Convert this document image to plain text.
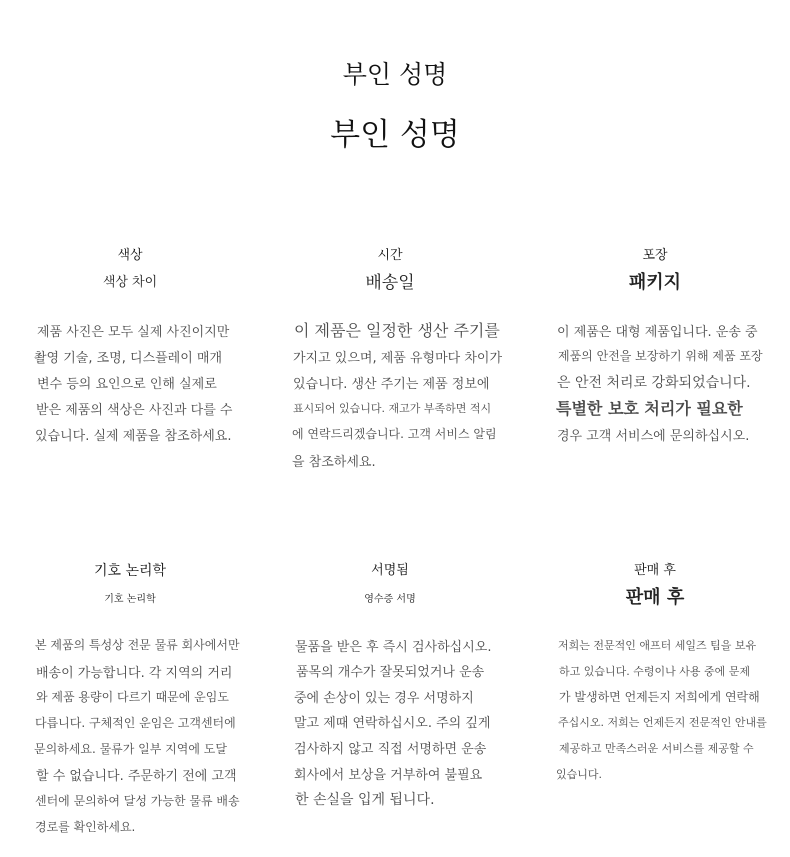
부인 성명
부인 성명
색상
색상 차이
제품 사진은 모두 실제 사진이지만
촬영 기술, 조명, 디스플레이 매개
변수 등의 요인으로 인해 실제로
받은 제품의 색상은 사진과 다를 수
있습니다. 실제 제품을 참조하세요.
시간
배송일
이 제품은 일정한 생산 주기를
가지고 있으며, 제품 유형마다 차이가
있습니다. 생산 주기는 제품 정보에
표시되어 있습니다. 재고가 부족하면 적시
에 연락드리겠습니다. 고객 서비스 알림
을 참조하세요.
포장
패키지
이 제품은 대형 제품입니다. 운송 중
제품의 안전을 보장하기 위해 제품 포장
은 안전 처리로 강화되었습니다.
특별한 보호 처리가 필요한
경우 고객 서비스에 문의하십시오.
기호 논리학
기호 논리학
본 제품의 특성상 전문 물류 회사에서만
배송이 가능합니다. 각 지역의 거리
와 제품 용량이 다르기 때문에 운임도
다릅니다. 구체적인 운임은 고객센터에
문의하세요. 물류가 일부 지역에 도달
할 수 없습니다. 주문하기 전에 고객
센터에 문의하여 달성 가능한 물류 배송
경로를 확인하세요.
서명됨
영수증 서명
물품을 받은 후 즉시 검사하십시오.
품목의 개수가 잘못되었거나 운송
중에 손상이 있는 경우 서명하지
말고 제때 연락하십시오. 주의 깊게
검사하지 않고 직접 서명하면 운송
회사에서 보상을 거부하여 불필요
한 손실을 입게 됩니다.
판매 후
판매 후
저희는 전문적인 애프터 세일즈 팀을 보유
하고 있습니다. 수령이나 사용 중에 문제
가 발생하면 언제든지 저희에게 연락해
주십시오. 저희는 언제든지 전문적인 안내를
제공하고 만족스러운 서비스를 제공할 수
있습니다.
